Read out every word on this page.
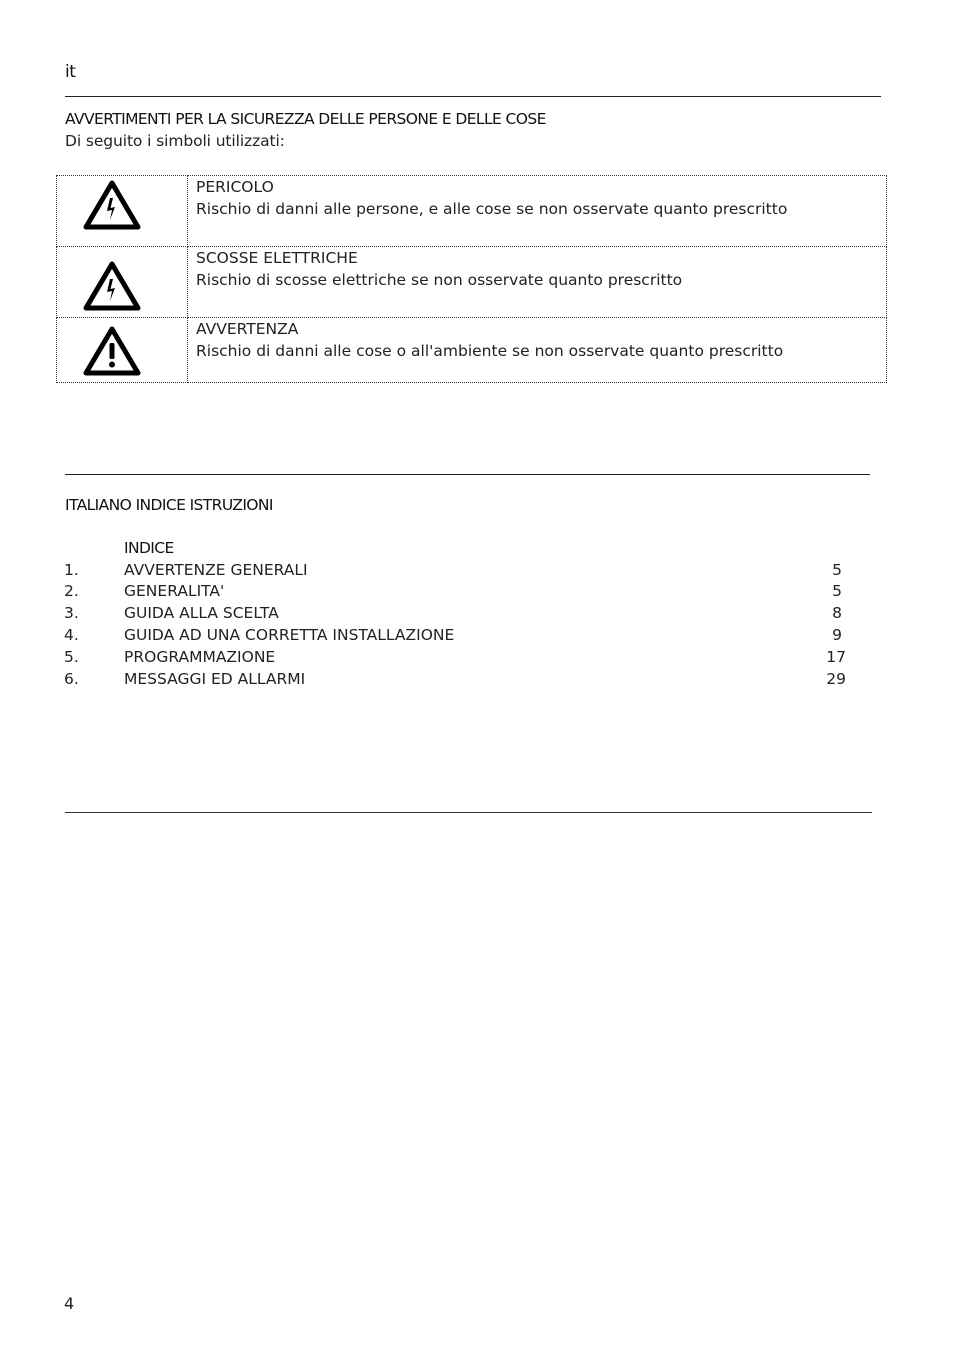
it
AVVERTIMENTI PER LA SICUREZZA DELLE PERSONE E DELLE COSE
Di seguito i simboli utilizzati:

PERICOLO
Rischio di danni alle persone, e alle cose se non osservate quanto prescritto

SCOSSE ELETTRICHE
Rischio di scosse elettriche se non osservate quanto prescritto

AVVERTENZA
Rischio di danni alle cose o all'ambiente se non osservate quanto prescritto
ITALIANO INDICE ISTRUZIONI
INDICE
1.	AVVERTENZE GENERALI	5
2.	GENERALITA'	5
3.	GUIDA ALLA SCELTA	8
4.	GUIDA AD UNA CORRETTA INSTALLAZIONE	9
5.	PROGRAMMAZIONE	17
6.	MESSAGGI ED ALLARMI	29
4
